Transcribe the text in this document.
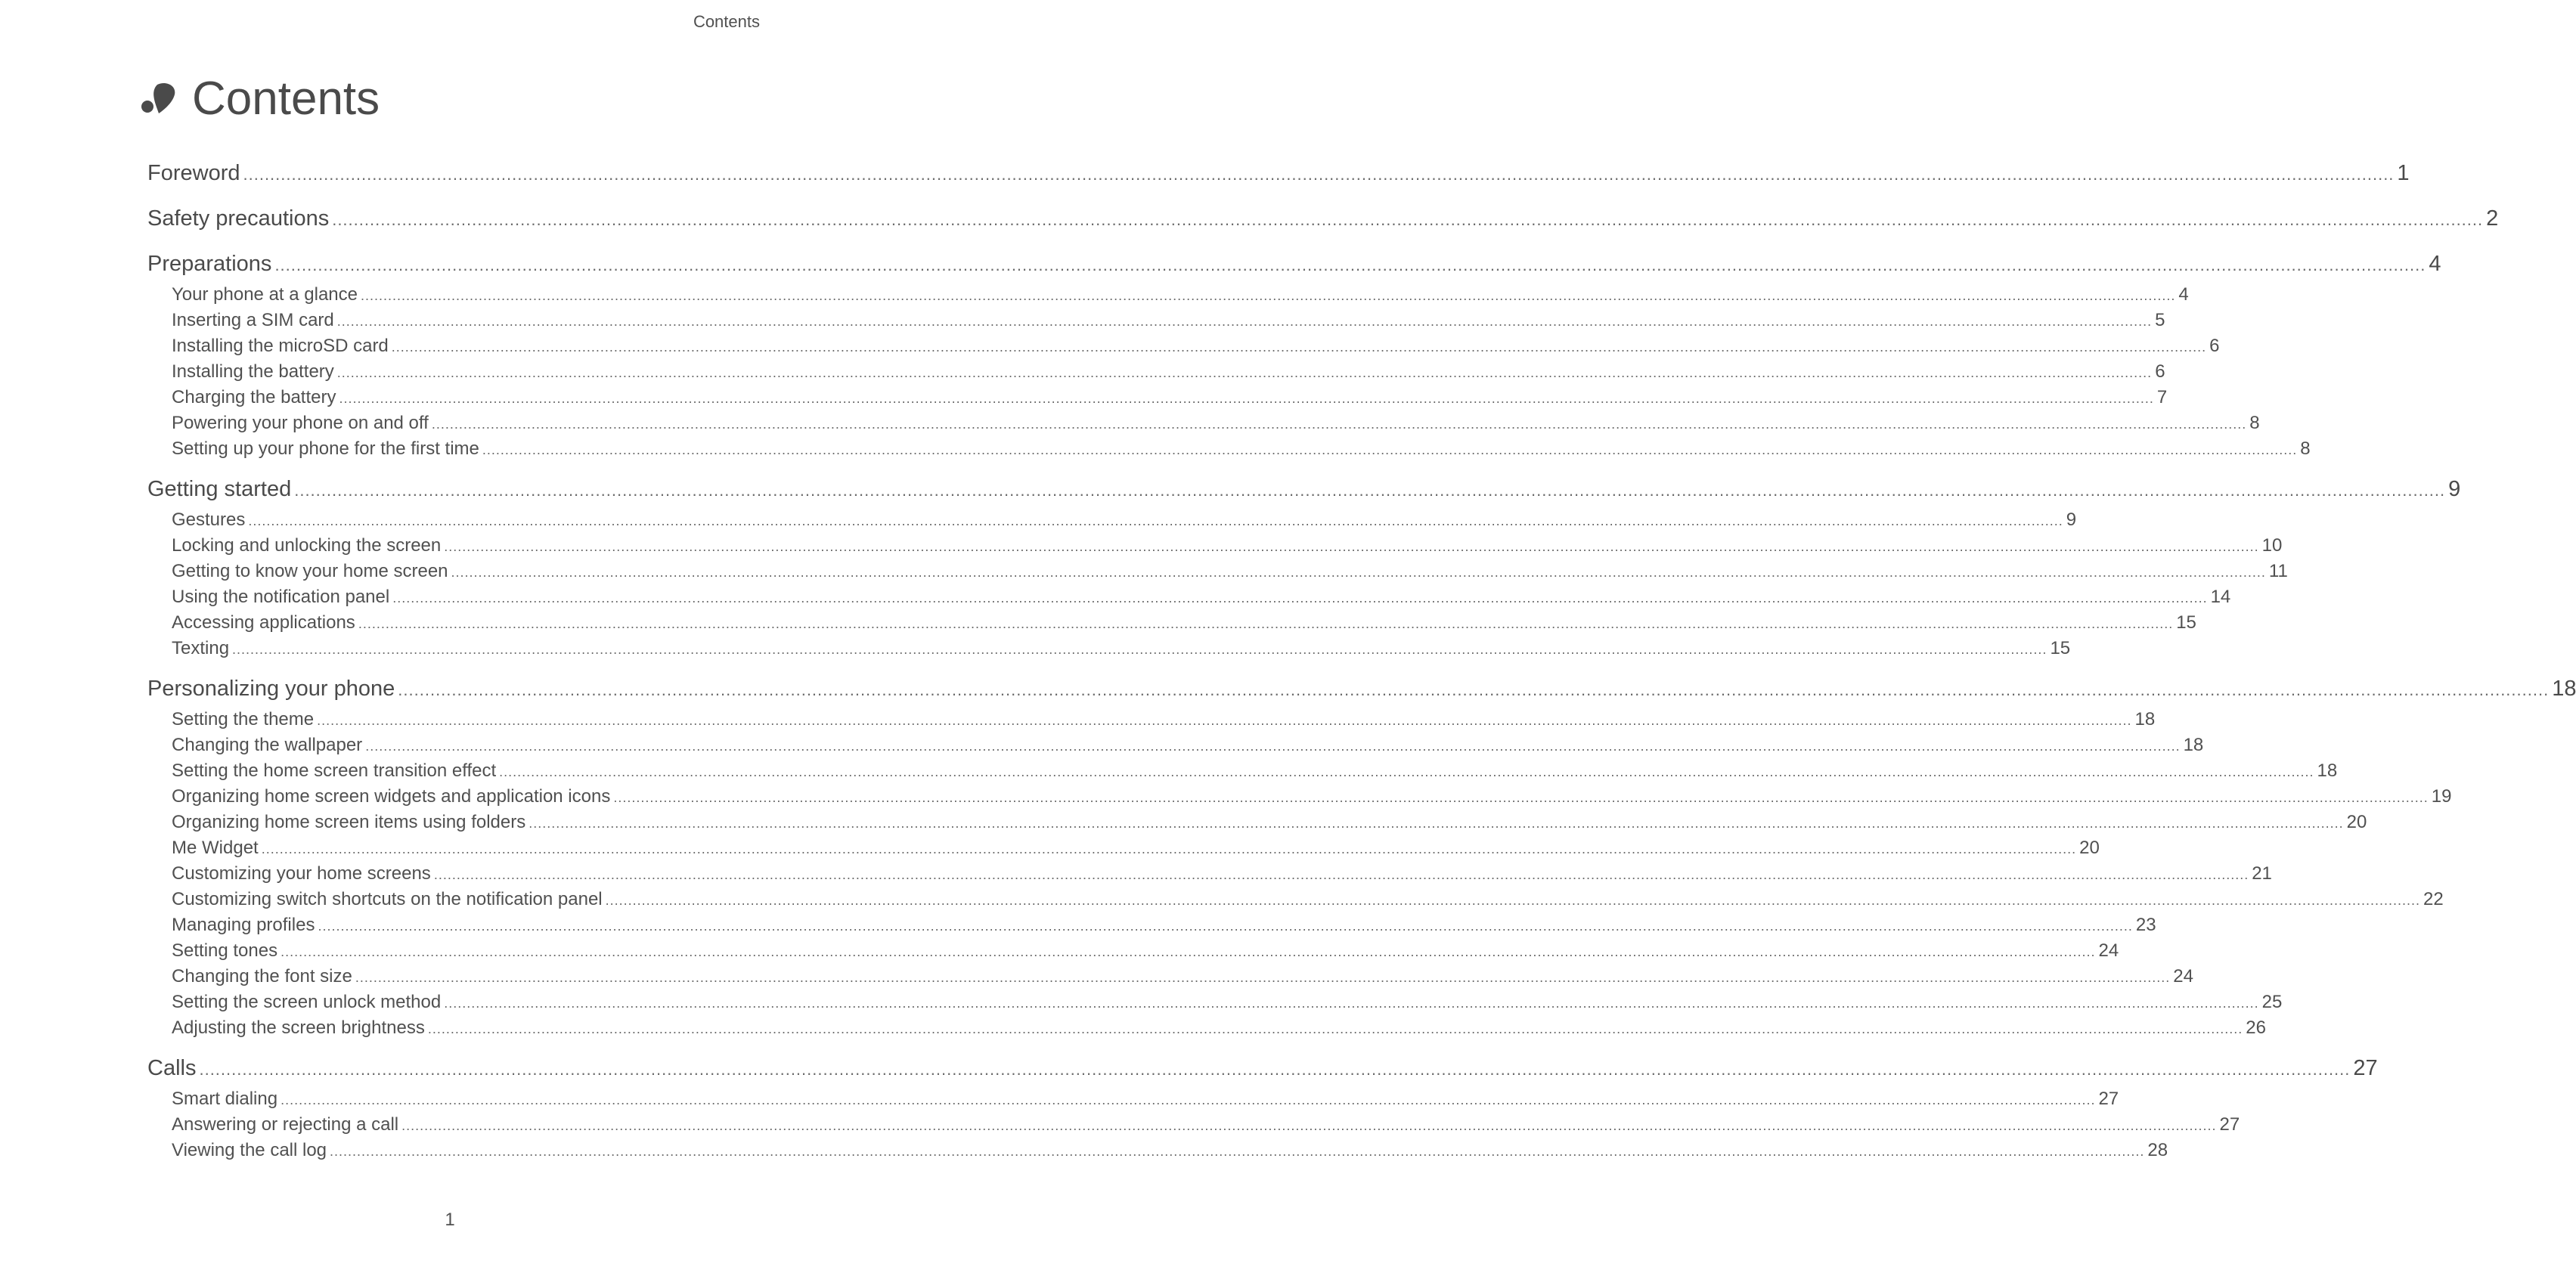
Contents
Contents
Foreword ................................................................................................................................................................................................................................................................................................................................................................................................................ 1
Safety precautions ................................................................................................................................................................................................................................................................................................................................................................................................................ 2
Preparations ................................................................................................................................................................................................................................................................................................................................................................................................................ 4
Your phone at a glance ................................................................................................................................................................................................................................................................................................................................................................................................................ 4
Inserting a SIM card ................................................................................................................................................................................................................................................................................................................................................................................................................ 5
Installing the microSD card ................................................................................................................................................................................................................................................................................................................................................................................................................ 6
Installing the battery ................................................................................................................................................................................................................................................................................................................................................................................................................ 6
Charging the battery ................................................................................................................................................................................................................................................................................................................................................................................................................ 7
Powering your phone on and off ................................................................................................................................................................................................................................................................................................................................................................................................................ 8
Setting up your phone for the first time ................................................................................................................................................................................................................................................................................................................................................................................................................ 8
Getting started ................................................................................................................................................................................................................................................................................................................................................................................................................ 9
Gestures ................................................................................................................................................................................................................................................................................................................................................................................................................ 9
Locking and unlocking the screen ................................................................................................................................................................................................................................................................................................................................................................................................................ 10
Getting to know your home screen ................................................................................................................................................................................................................................................................................................................................................................................................................ 11
Using the notification panel ................................................................................................................................................................................................................................................................................................................................................................................................................ 14
Accessing applications ................................................................................................................................................................................................................................................................................................................................................................................................................ 15
Texting ................................................................................................................................................................................................................................................................................................................................................................................................................ 15
Personalizing your phone ................................................................................................................................................................................................................................................................................................................................................................................................................ 18
Setting the theme ................................................................................................................................................................................................................................................................................................................................................................................................................ 18
Changing the wallpaper ................................................................................................................................................................................................................................................................................................................................................................................................................ 18
Setting the home screen transition effect ................................................................................................................................................................................................................................................................................................................................................................................................................ 18
Organizing home screen widgets and application icons ................................................................................................................................................................................................................................................................................................................................................................................................................ 19
Organizing home screen items using folders ................................................................................................................................................................................................................................................................................................................................................................................................................ 20
Me Widget ................................................................................................................................................................................................................................................................................................................................................................................................................ 20
Customizing your home screens ................................................................................................................................................................................................................................................................................................................................................................................................................ 21
Customizing switch shortcuts on the notification panel ................................................................................................................................................................................................................................................................................................................................................................................................................ 22
Managing profiles ................................................................................................................................................................................................................................................................................................................................................................................................................ 23
Setting tones ................................................................................................................................................................................................................................................................................................................................................................................................................ 24
Changing the font size ................................................................................................................................................................................................................................................................................................................................................................................................................ 24
Setting the screen unlock method ................................................................................................................................................................................................................................................................................................................................................................................................................ 25
Adjusting the screen brightness ................................................................................................................................................................................................................................................................................................................................................................................................................ 26
Calls ................................................................................................................................................................................................................................................................................................................................................................................................................ 27
Smart dialing ................................................................................................................................................................................................................................................................................................................................................................................................................ 27
Answering or rejecting a call ................................................................................................................................................................................................................................................................................................................................................................................................................ 27
Viewing the call log ................................................................................................................................................................................................................................................................................................................................................................................................................ 28
1
